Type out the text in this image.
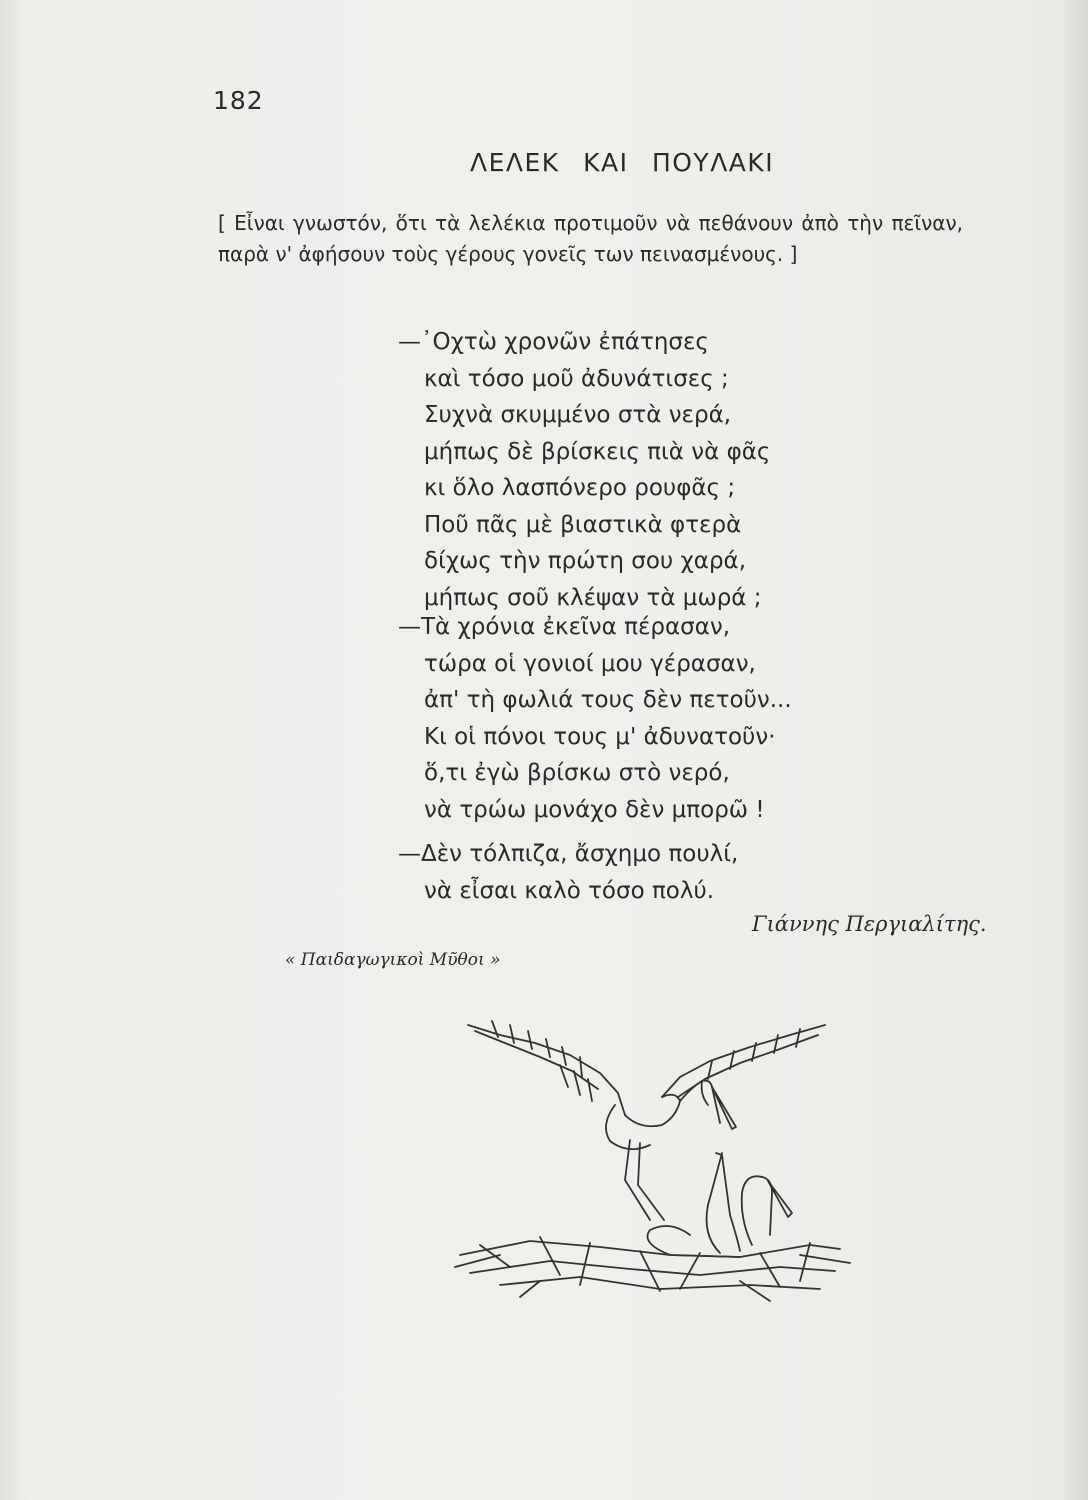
182
ΛΕΛΕΚ ΚΑΙ ΠΟΥΛΑΚΙ
[ Εἶναι γνωστόν, ὅτι τὰ λελέκια προτιμοῦν νὰ πεθάνουν ἀπὸ τὴν πεῖναν, παρὰ ν' ἀφήσουν τοὺς γέρους γονεῖς των πεινασμένους. ]
—᾿Οχτὼ χρονῶν ἐπάτησες
καὶ τόσο μοῦ ἀδυνάτισες ;
Συχνὰ σκυμμένο στὰ νερά,
μήπως δὲ βρίσκεις πιὰ νὰ φᾶς
κι ὅλο λασπόνερο ρουφᾶς ;
Ποῦ πᾶς μὲ βιαστικὰ φτερὰ
δίχως τὴν πρώτη σου χαρά,
μήπως σοῦ κλέψαν τὰ μωρά ;
—Τὰ χρόνια ἐκεῖνα πέρασαν,
τώρα οἱ γονιοί μου γέρασαν,
ἀπ' τὴ φωλιά τους δὲν πετοῦν...
Κι οἱ πόνοι τους μ' ἀδυνατοῦν·
ὅ,τι ἐγὼ βρίσκω στὸ νερό,
νὰ τρώω μονάχο δὲν μπορῶ !
—Δὲν τόλπιζα, ἄσχημο πουλί,
νὰ εἶσαι καλὸ τόσο πολύ.
Γιάννης Περγιαλίτης.
« Παιδαγωγικοὶ Μῦθοι »
